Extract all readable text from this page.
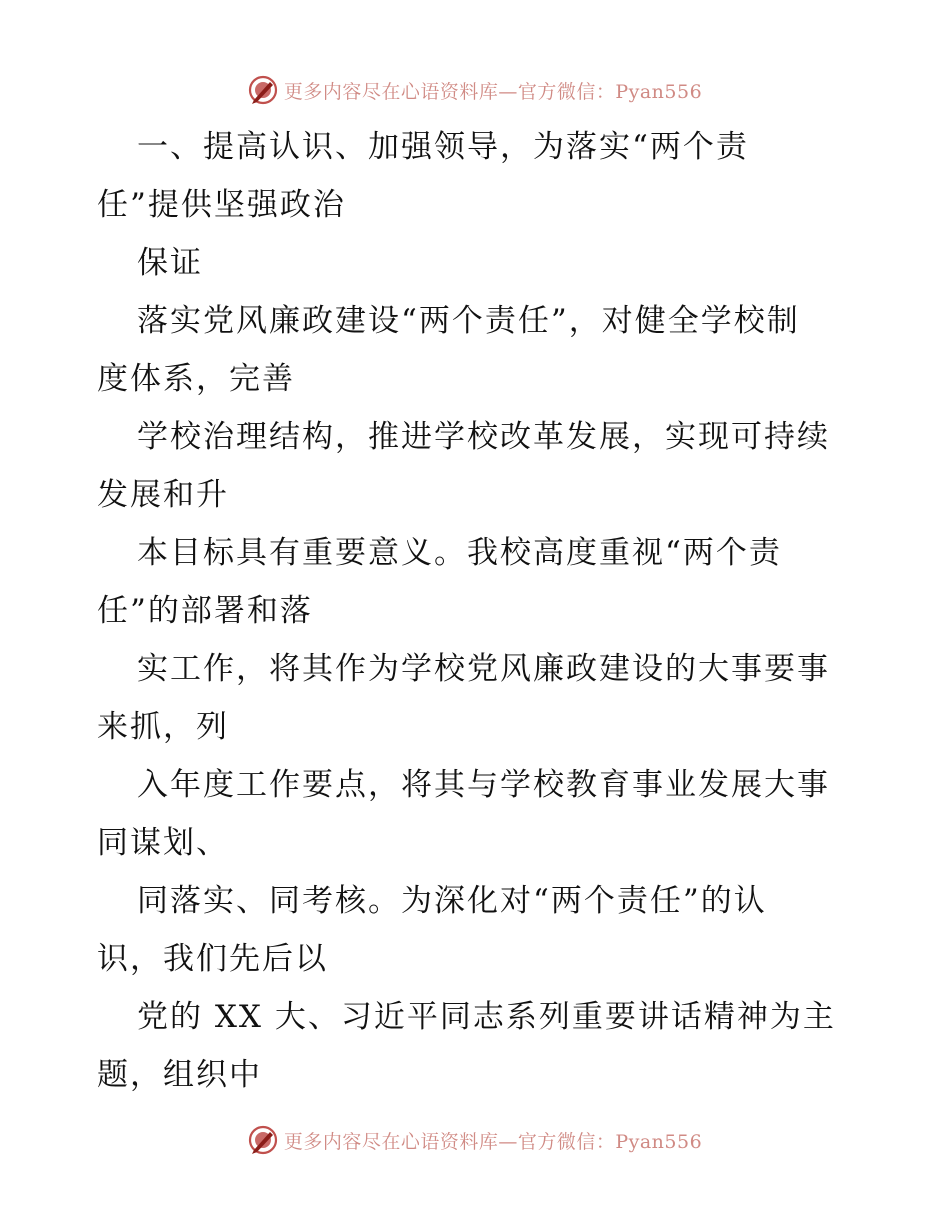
更多内容尽在心语资料库—官方微信：Pyan556
一、提高认识、加强领导，为落实“两个责
任”提供坚强政治
保证
落实党风廉政建设“两个责任”，对健全学校制
度体系，完善
学校治理结构，推进学校改革发展，实现可持续
发展和升
本目标具有重要意义。我校高度重视“两个责
任”的部署和落
实工作，将其作为学校党风廉政建设的大事要事
来抓，列
入年度工作要点，将其与学校教育事业发展大事
同谋划、
同落实、同考核。为深化对“两个责任”的认
识，我们先后以
党的 XX 大、习近平同志系列重要讲话精神为主
题，组织中
更多内容尽在心语资料库—官方微信：Pyan556
